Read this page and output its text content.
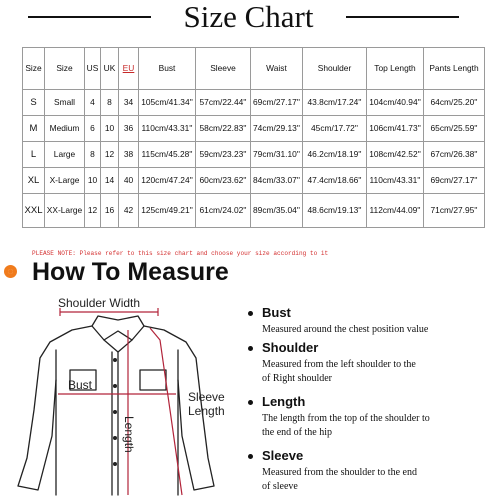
Size Chart
Size	Size	US	UK	EU	Bust	Sleeve	Waist	Shoulder	Top Length	Pants Length
S	Small	4	8	34	105cm/41.34''	57cm/22.44''	69cm/27.17''	43.8cm/17.24''	104cm/40.94''	64cm/25.20''
M	Medium	6	10	36	110cm/43.31''	58cm/22.83''	74cm/29.13''	45cm/17.72''	106cm/41.73''	65cm/25.59''
L	Large	8	12	38	115cm/45.28''	59cm/23.23''	79cm/31.10''	46.2cm/18.19''	108cm/42.52''	67cm/26.38''
XL	X-Large	10	14	40	120cm/47.24''	60cm/23.62''	84cm/33.07''	47.4cm/18.66''	110cm/43.31''	69cm/27.17''
XXL	XX-Large	12	16	42	125cm/49.21''	61cm/24.02''	89cm/35.04''	48.6cm/19.13''	112cm/44.09''	71cm/27.95''
PLEASE NOTE: Please refer to this size chart and choose your size according to it
How To Measure
Shoulder Width
Bust
Length
Sleeve
Length
Bust
Measured around the chest position value
Shoulder
Measured from the left shoulder to the
of Right shoulder
Length
The length from the top of the shoulder to
the end of the hip
Sleeve
Measured from the shoulder to the end
of sleeve
